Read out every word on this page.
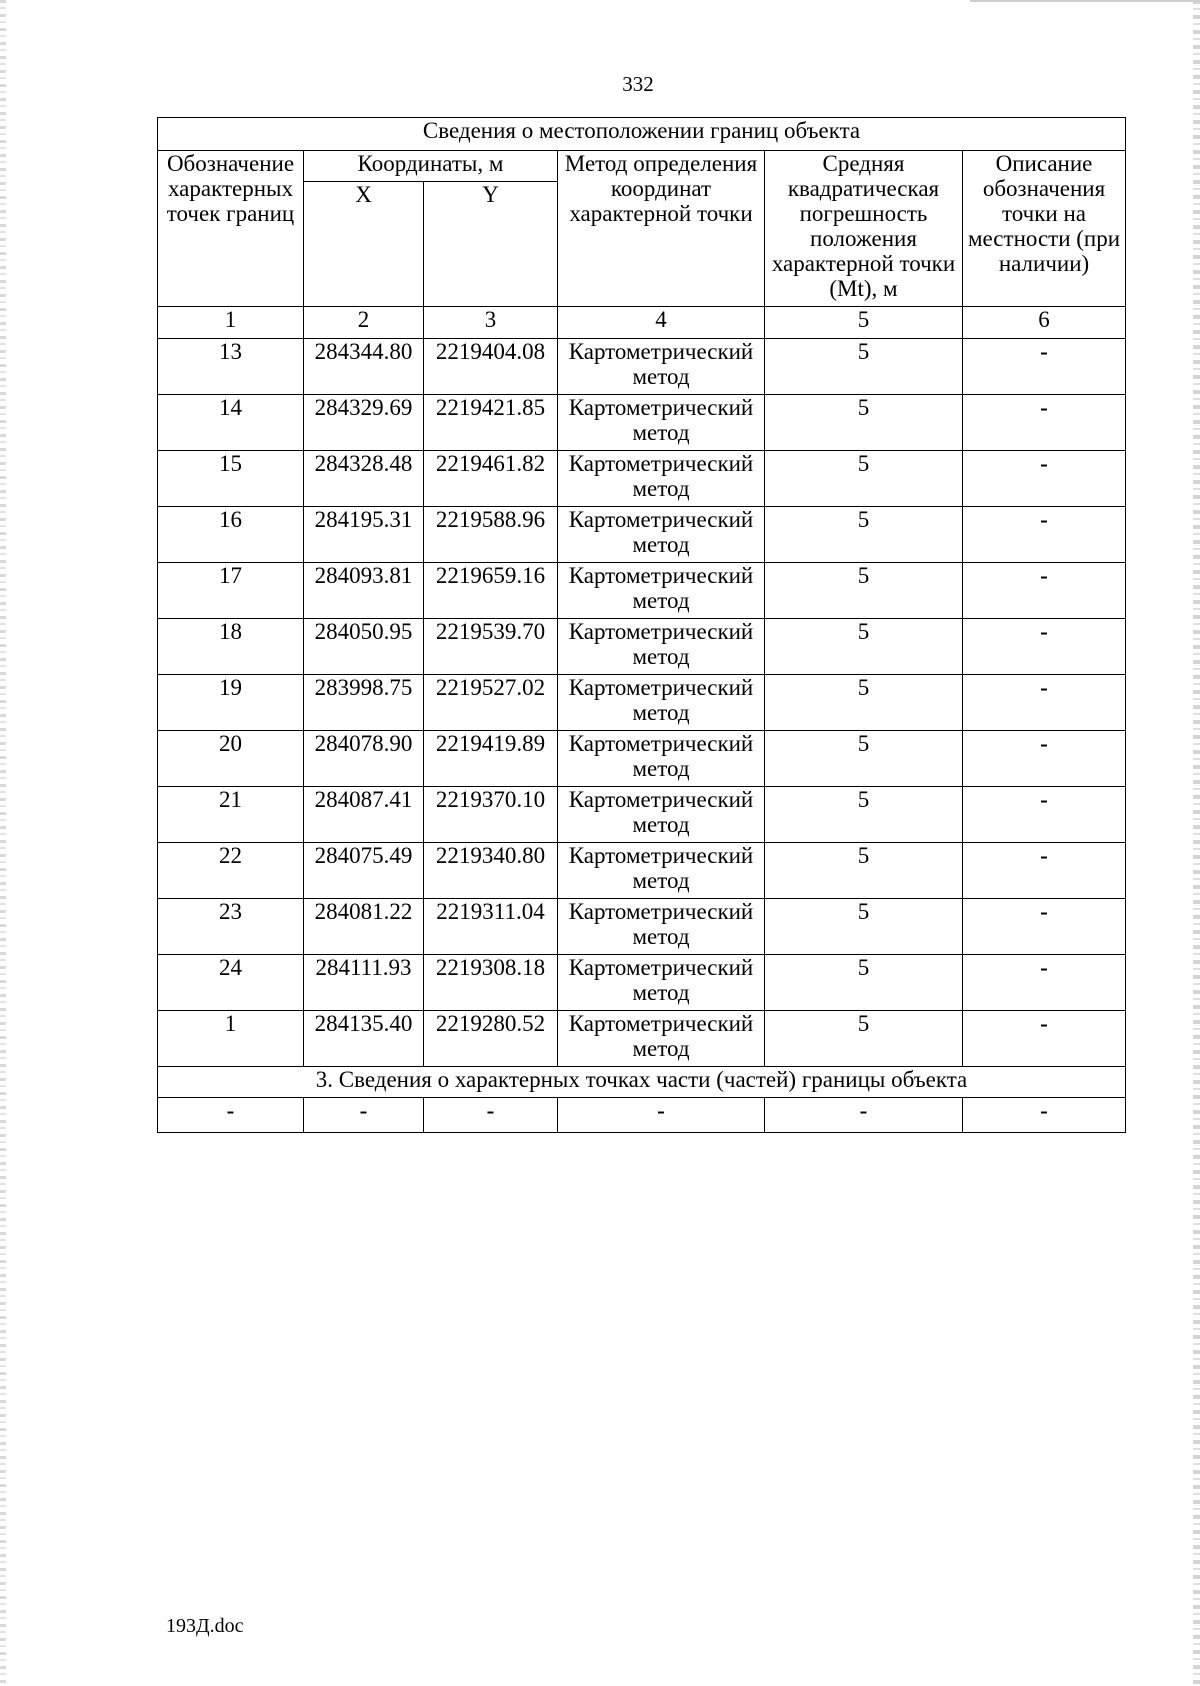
332
Сведения о местоположении границ объекта					
Обозначение характерных точек границ	Координаты, м		Метод определения координат характерной точки	Средняя квадратическая погрешность положения характерной точки (Mt), м	Описание обозначения точки на местности (при наличии)
	X	Y			
1	2	3	4	5	6
13	284344.80	2219404.08	Картометрический метод	5	-
14	284329.69	2219421.85	Картометрический метод	5	-
15	284328.48	2219461.82	Картометрический метод	5	-
16	284195.31	2219588.96	Картометрический метод	5	-
17	284093.81	2219659.16	Картометрический метод	5	-
18	284050.95	2219539.70	Картометрический метод	5	-
19	283998.75	2219527.02	Картометрический метод	5	-
20	284078.90	2219419.89	Картометрический метод	5	-
21	284087.41	2219370.10	Картометрический метод	5	-
22	284075.49	2219340.80	Картометрический метод	5	-
23	284081.22	2219311.04	Картометрический метод	5	-
24	284111.93	2219308.18	Картометрический метод	5	-
1	284135.40	2219280.52	Картометрический метод	5	-
3. Сведения о характерных точках части (частей) границы объекта					
-	-	-	-	-	-
193Д.doc
